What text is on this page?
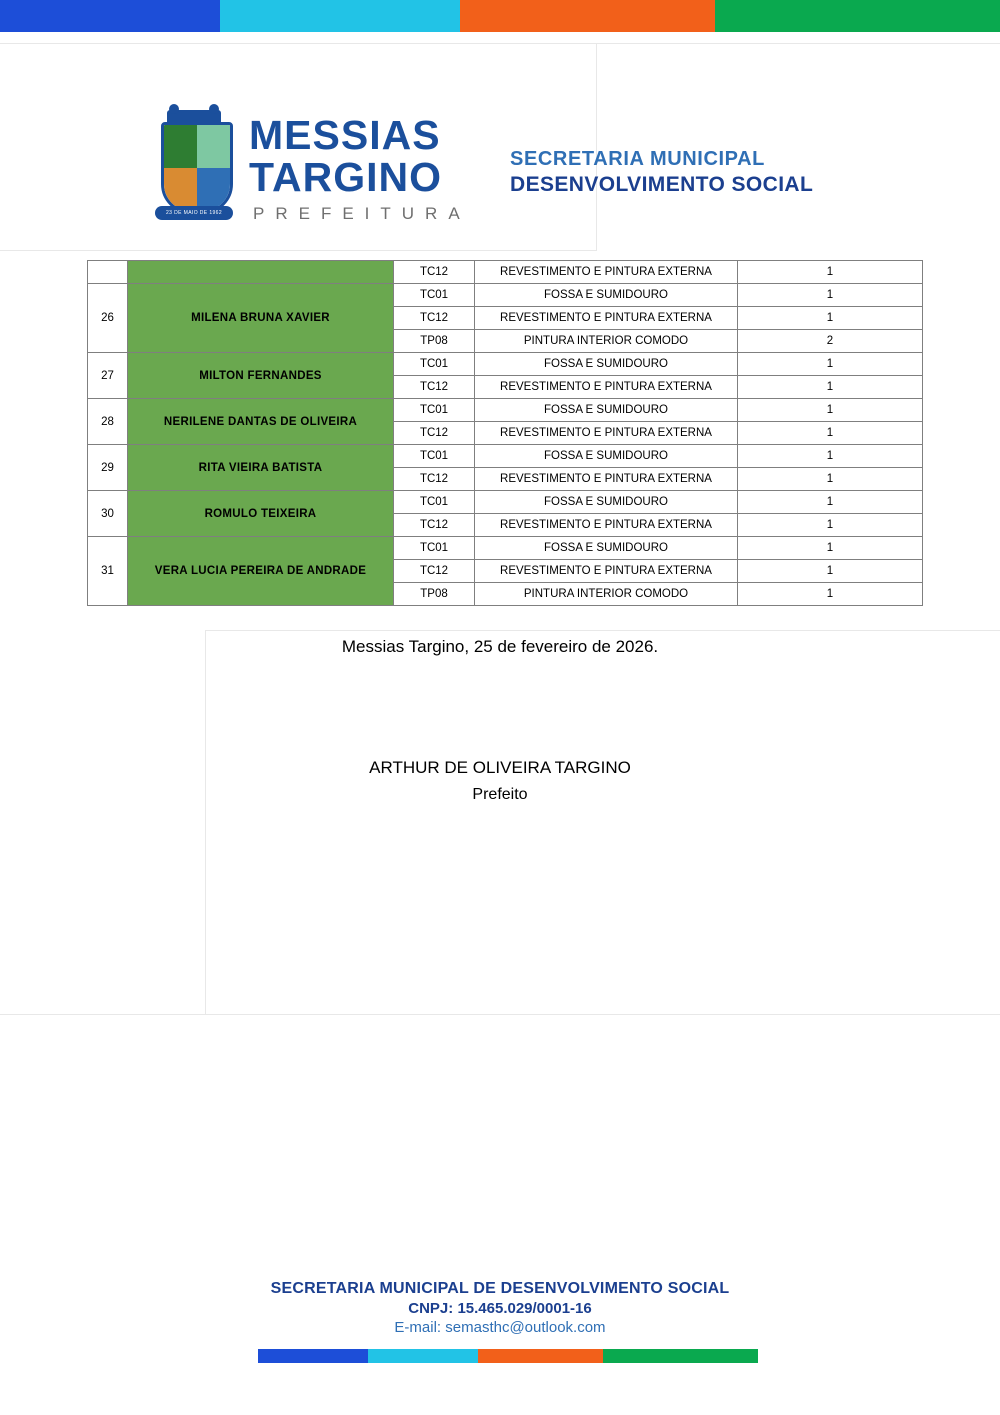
23 DE MAIO DE 1962
MESSIAS
TARGINO
PREFEITURA
SECRETARIA MUNICIPAL
DESENVOLVIMENTO SOCIAL
		TC12	REVESTIMENTO E PINTURA EXTERNA	1
26	MILENA BRUNA XAVIER	TC01	FOSSA E SUMIDOURO	1
		TC12	REVESTIMENTO E PINTURA EXTERNA	1
		TP08	PINTURA INTERIOR COMODO	2
27	MILTON FERNANDES	TC01	FOSSA E SUMIDOURO	1
		TC12	REVESTIMENTO E PINTURA EXTERNA	1
28	NERILENE DANTAS DE OLIVEIRA	TC01	FOSSA E SUMIDOURO	1
		TC12	REVESTIMENTO E PINTURA EXTERNA	1
29	RITA VIEIRA BATISTA	TC01	FOSSA E SUMIDOURO	1
		TC12	REVESTIMENTO E PINTURA EXTERNA	1
30	ROMULO TEIXEIRA	TC01	FOSSA E SUMIDOURO	1
		TC12	REVESTIMENTO E PINTURA EXTERNA	1
31	VERA LUCIA PEREIRA DE ANDRADE	TC01	FOSSA E SUMIDOURO	1
		TC12	REVESTIMENTO E PINTURA EXTERNA	1
		TP08	PINTURA INTERIOR COMODO	1
Messias Targino, 25 de fevereiro de 2026.
ARTHUR DE OLIVEIRA TARGINO
Prefeito
SECRETARIA MUNICIPAL DE DESENVOLVIMENTO SOCIAL
CNPJ: 15.465.029/0001-16
E-mail: semasthc@outlook.com
